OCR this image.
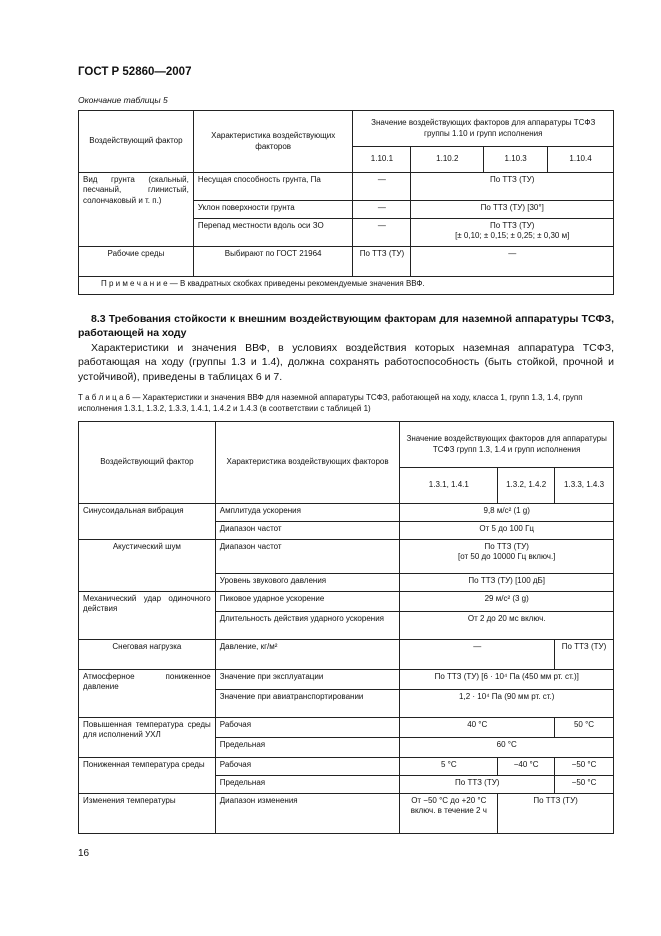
ГОСТ Р 52860—2007
Окончание таблицы 5
Воздействующий фактор	Характеристика воздействующих факторов	Значение воздействующих факторов для аппаратуры ТСФЗ группы 1.10 и групп исполнения			
		1.10.1	1.10.2	1.10.3	1.10.4
Вид грунта (скальный, песчаный, глинистый, солончаковый и т. п.)	Несущая способность грунта, Па	—	По ТТЗ (ТУ)		
	Уклон поверхности грунта	—	По ТТЗ (ТУ) [30°]		
	Перепад местности вдоль оси ЗО	—	По ТТЗ (ТУ)
[± 0,10; ± 0,15; ± 0,25; ± 0,30 м]		

Рабочие среды	Выбирают по ГОСТ 21964	По ТТЗ (ТУ)	—		
П р и м е ч а н и е — В квадратных скобках приведены рекомендуемые значения ВВФ.					

8.3 Требования стойкости к внешним воздействующим факторам для наземной аппаратуры ТСФЗ, работающей на ходу

Характеристики и значения ВВФ, в условиях воздействия которых наземная аппаратура ТСФЗ, работающая на ходу (группы 1.3 и 1.4), должна сохранять работоспособность (быть стойкой, прочной и устойчивой), приведены в таблицах 6 и 7.

Т а б л и ц а 6 — Характеристики и значения ВВФ для наземной аппаратуры ТСФЗ, работающей на ходу, класса 1, групп 1.3, 1.4, групп исполнения 1.3.1, 1.3.2, 1.3.3, 1.4.1, 1.4.2 и 1.4.3 (в соответствии с таблицей 1)
Воздействующий фактор	Характеристика воздействующих факторов	Значение воздействующих факторов для аппаратуры ТСФЗ групп 1.3, 1.4 и групп исполнения		
		1.3.1, 1.4.1	1.3.2, 1.4.2	1.3.3, 1.4.3
Синусоидальная вибрация	Амплитуда ускорения	9,8 м/с² (1 g)		
	Диапазон частот	От 5 до 100 Гц		
Акустический шум	Диапазон частот	По ТТЗ (ТУ)
[от 50 до 10000 Гц включ.]		

	Уровень звукового давления	По ТТЗ (ТУ) [100 дБ]		
Механический удар одиночного действия	Пиковое ударное ускорение	29 м/с² (3 g)		
	Длительность действия ударного ускорения	От 2 до 20 мс включ.		
Снеговая нагрузка	Давление, кг/м²	—		По ТТЗ (ТУ)
Атмосферное пониженное давление	Значение при эксплуатации	По ТТЗ (ТУ) [6 · 10⁴ Па (450 мм рт. ст.)]		
	Значение при авиатранспортировании	1,2 · 10⁴ Па (90 мм рт. ст.)		
Повышенная температура среды для исполнений УХЛ	Рабочая	40 °С		50 °С
	Предельная	60 °С		
Пониженная температура среды	Рабочая	5 °С	−40 °С	−50 °С
	Предельная	По ТТЗ (ТУ)		−50 °С
Изменения температуры	Диапазон изменения	От −50 °С до +20 °С включ. в течение 2 ч	По ТТЗ (ТУ)	
16
